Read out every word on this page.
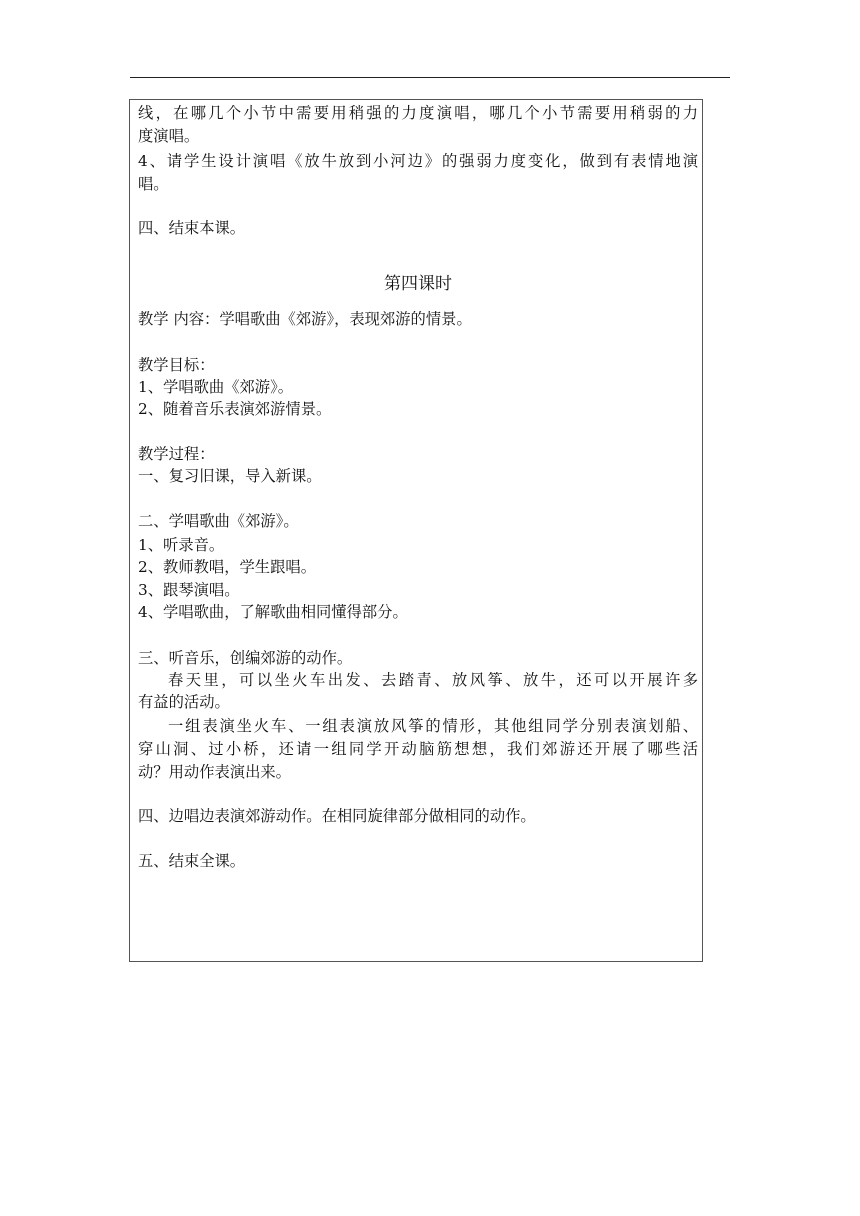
线，在哪几个小节中需要用稍强的力度演唱，哪几个小节需要用稍弱的力
度演唱。
4、请学生设计演唱《放牛放到小河边》的强弱力度变化，做到有表情地演
唱。
四、结束本课。
第四课时
教学 内容：学唱歌曲《郊游》，表现郊游的情景。
教学目标：
1、学唱歌曲《郊游》。
2、随着音乐表演郊游情景。
教学过程：
一、复习旧课，导入新课。
二、学唱歌曲《郊游》。
1、听录音。
2、教师教唱，学生跟唱。
3、跟琴演唱。
4、学唱歌曲，了解歌曲相同懂得部分。
三、听音乐，创编郊游的动作。
春天里，可以坐火车出发、去踏青、放风筝、放牛，还可以开展许多
有益的活动。
一组表演坐火车、一组表演放风筝的情形，其他组同学分别表演划船、
穿山洞、过小桥，还请一组同学开动脑筋想想，我们郊游还开展了哪些活
动？用动作表演出来。
四、边唱边表演郊游动作。在相同旋律部分做相同的动作。
五、结束全课。
